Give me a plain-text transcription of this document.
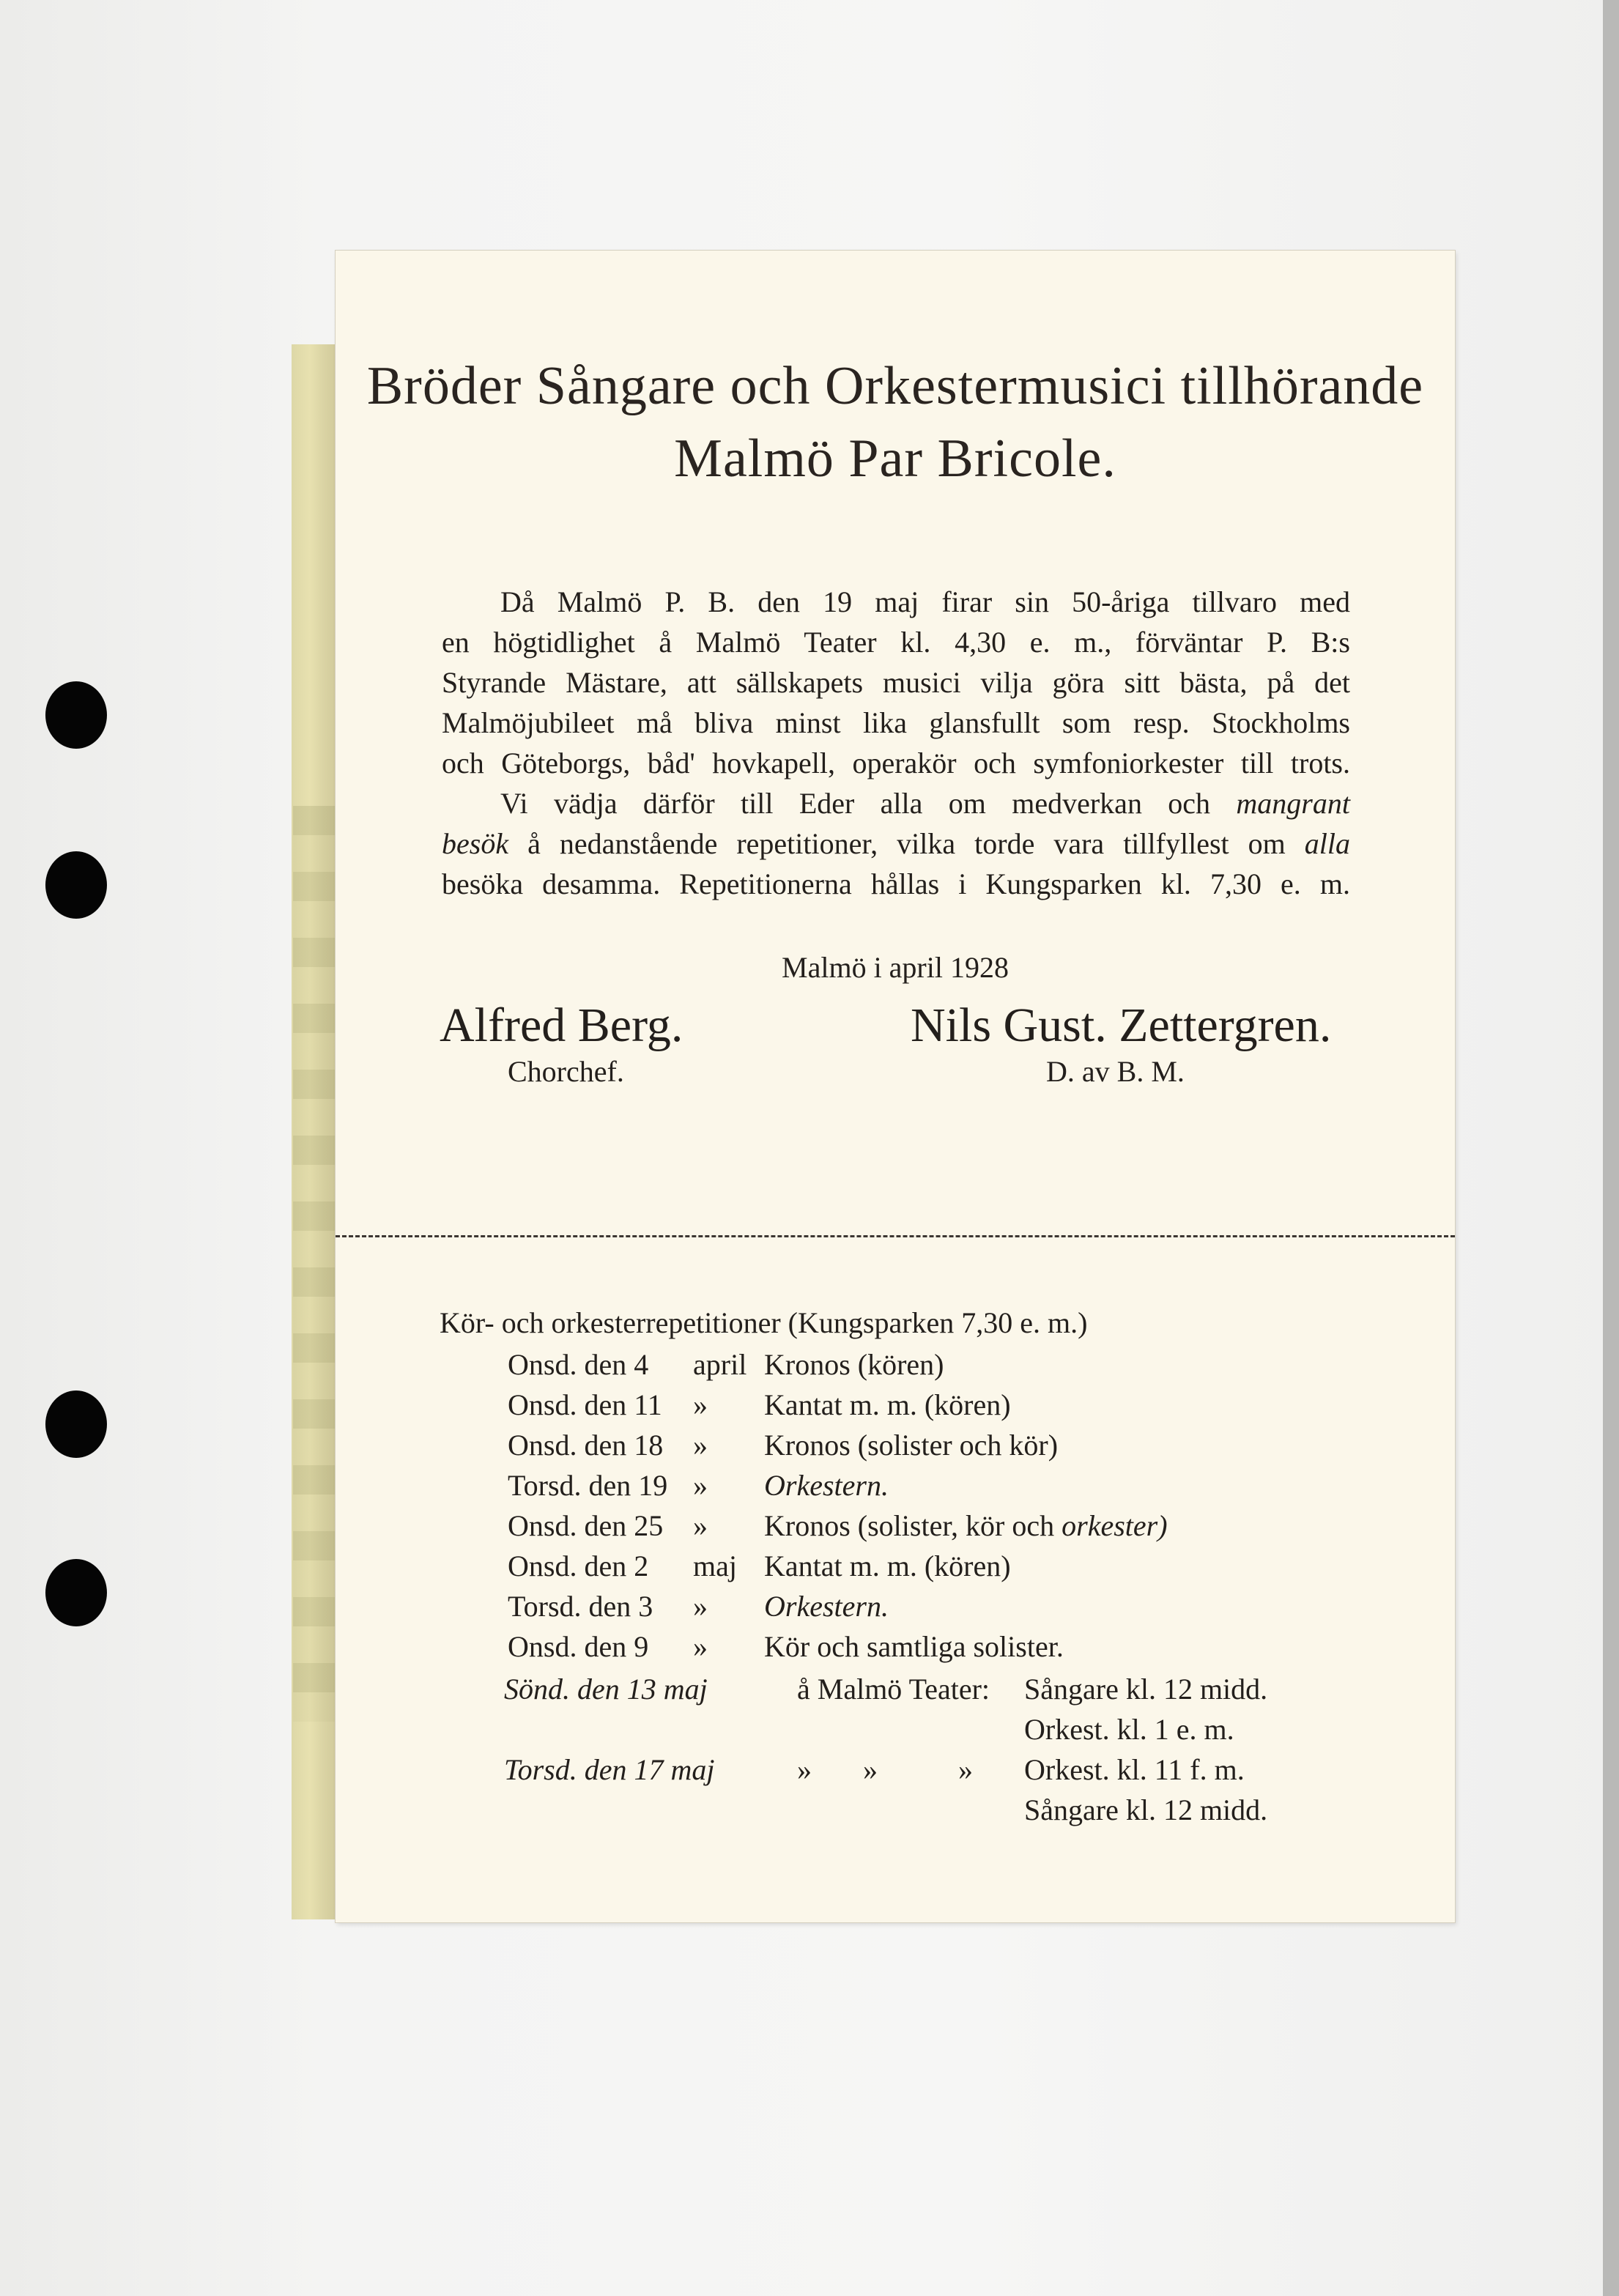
Bröder Sångare och Orkestermusici tillhörande
Malmö Par Bricole.
Då Malmö P. B. den 19 maj firar sin 50-åriga tillvaro med
en högtidlighet å Malmö Teater kl. 4,30 e. m., förväntar P. B:s
Styrande Mästare, att sällskapets musici vilja göra sitt bästa, på det
Malmöjubileet må bliva minst lika glansfullt som resp. Stockholms
och Göteborgs, båd' hovkapell, operakör och symfoniorkester till trots.
Vi vädja därför till Eder alla om medverkan och mangrant
besök å nedanstående repetitioner, vilka torde vara tillfyllest om alla
besöka desamma. Repetitionerna hållas i Kungsparken kl. 7,30 e. m.
Malmö i april 1928
Alfred Berg.
Chorchef.
Nils Gust. Zettergren.
D. av B. M.
Kör- och orkesterrepetitioner (Kungsparken 7,30 e. m.)
Onsd. den 4	april Kronos (kören)
Onsd. den 11	»	Kantat m. m. (kören)
Onsd. den 18	»	Kronos (solister och kör)
Torsd. den 19 »	Orkestern.
Onsd. den 25	»	Kronos (solister, kör och orkester)
Onsd. den 2	maj Kantat m. m. (kören)
Torsd. den 3	»	Orkestern.
Onsd. den 9	»	Kör och samtliga solister.
Sönd. den 13 maj	å Malmö Teater: Sångare kl. 12 midd.
Orkest. kl. 1 e. m.
Torsd. den 17 maj	»       »           » Orkest. kl. 11 f. m.
Sångare kl. 12 midd.
